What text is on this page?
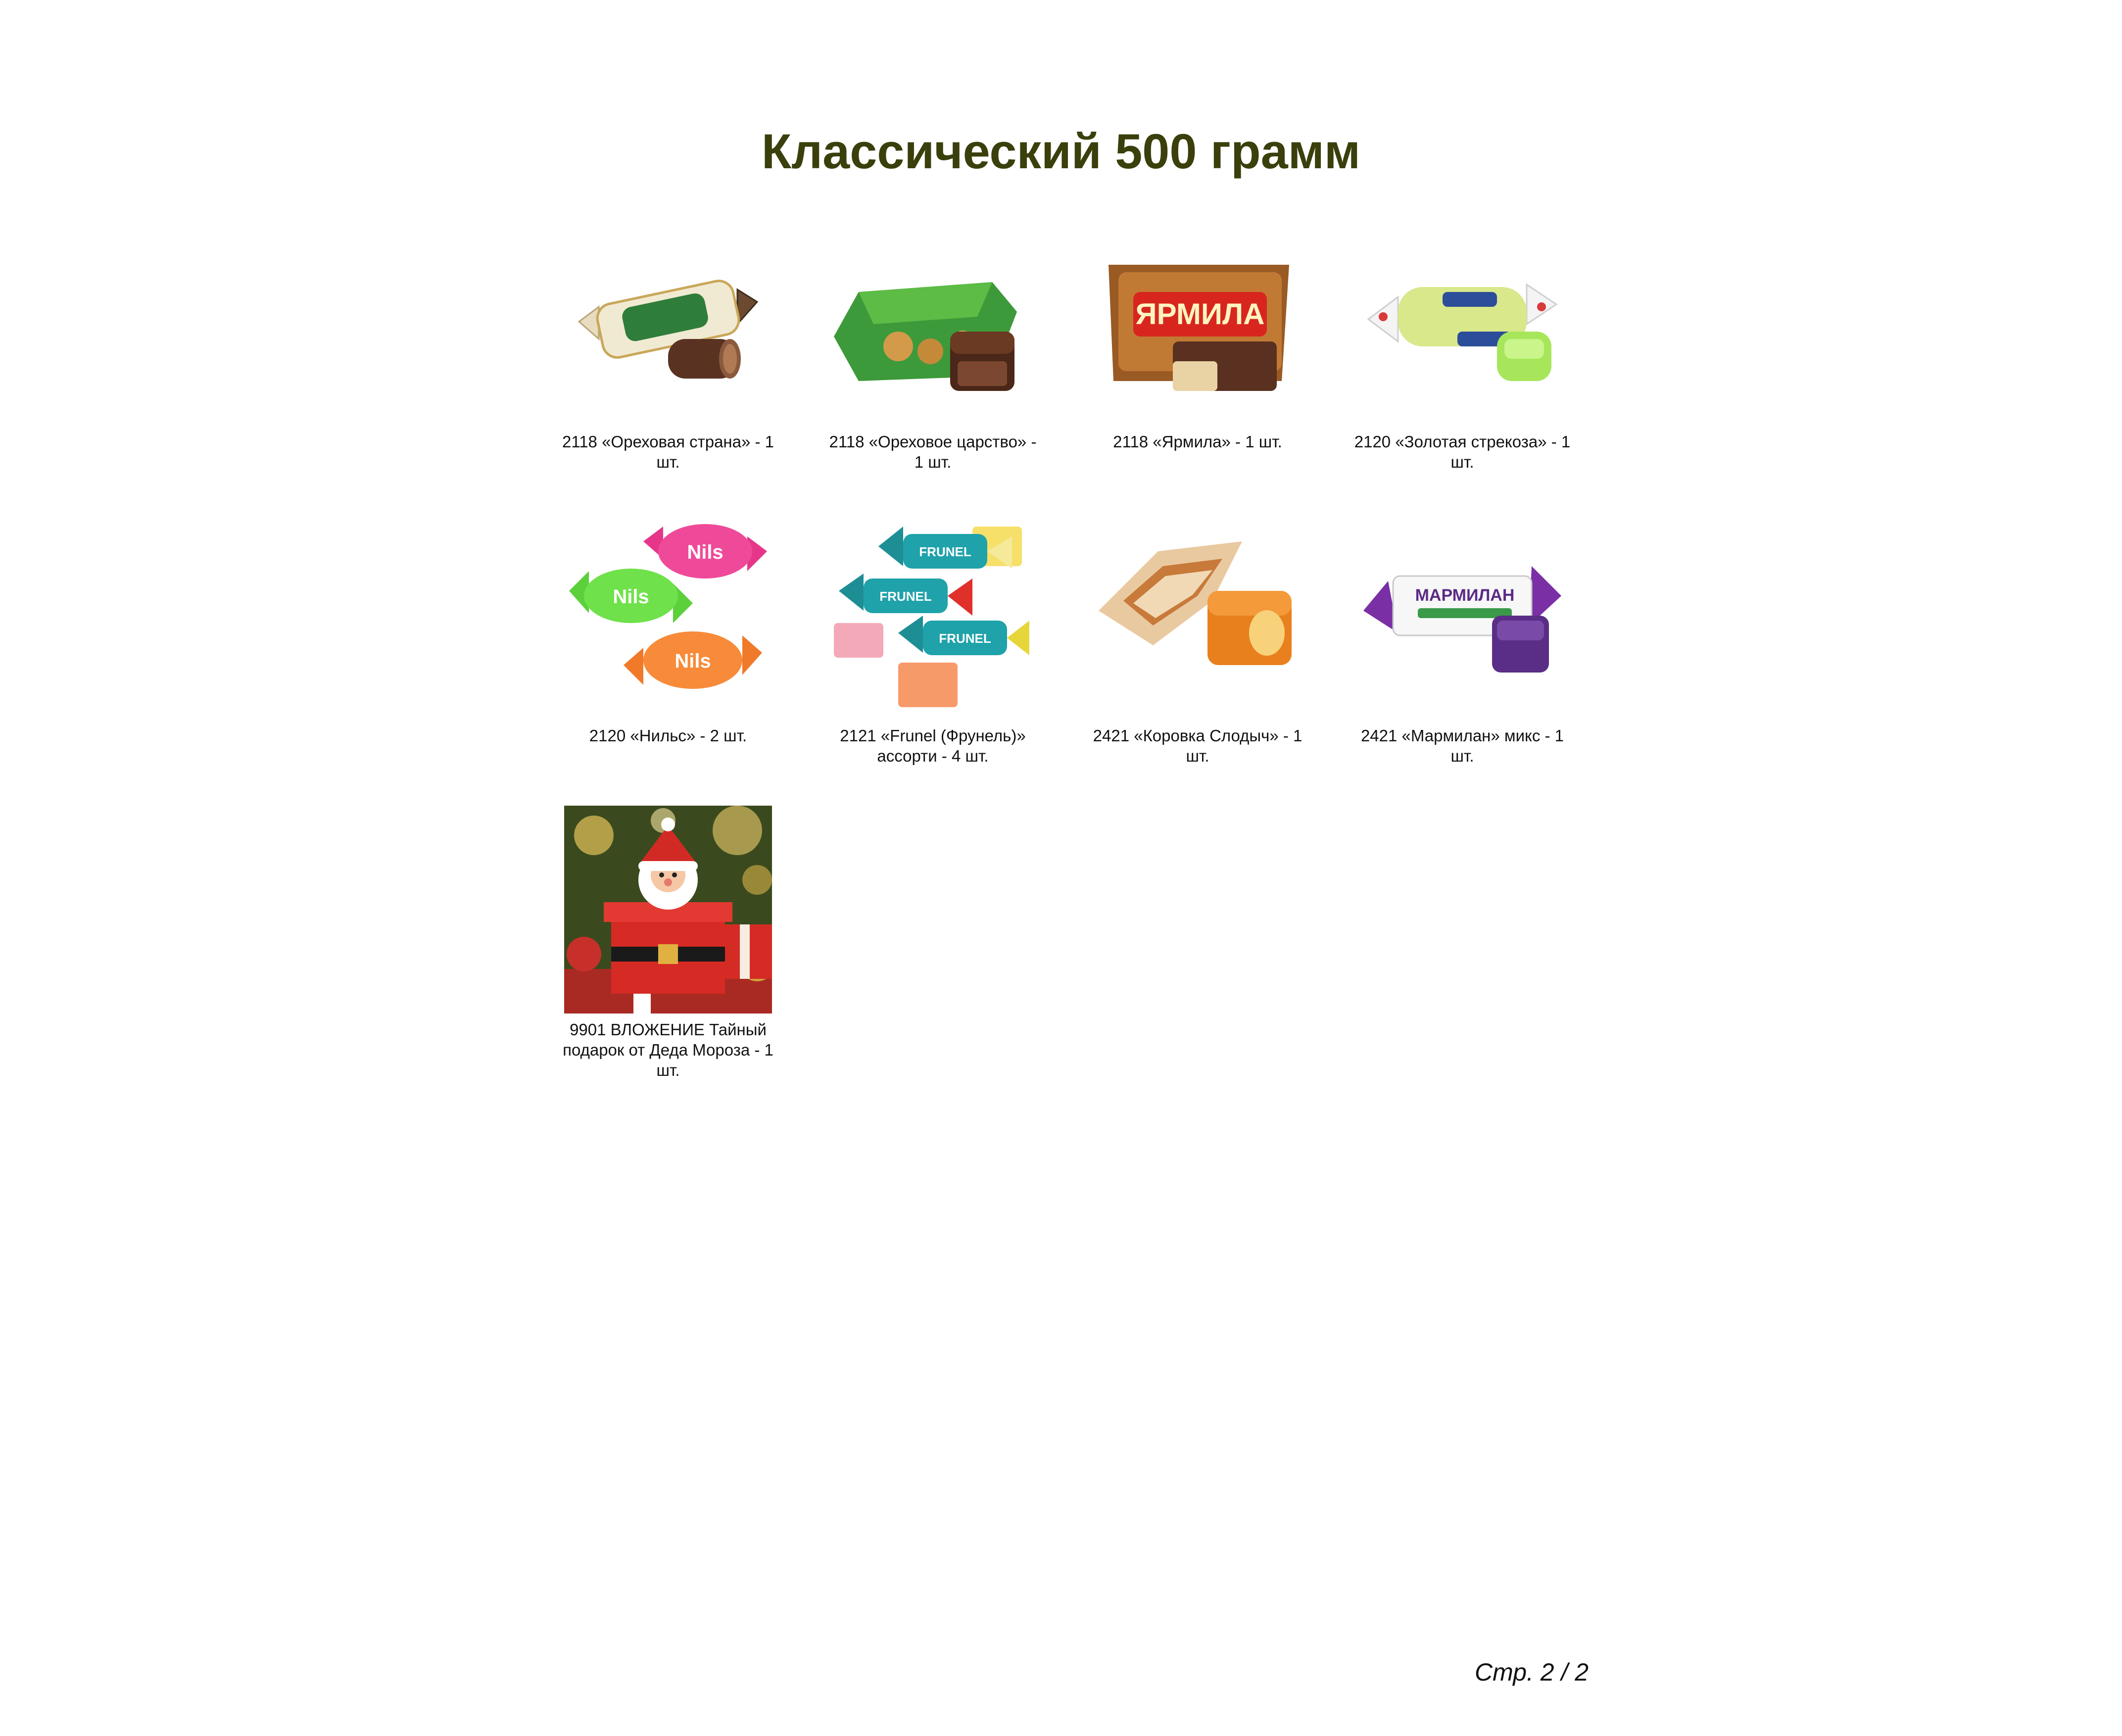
Классический 500 грамм
2118 «Ореховая страна» - 1 шт.
2118 «Ореховое царство» - 1 шт.
ЯРМИЛА
2118 «Ярмила» - 1 шт.	2120 «Золотая стрекоза» - 1 шт.
Nils
Nils
Nils
2120 «Нильс» - 2 шт.
FRUNEL
FRUNEL
FRUNEL
2121 «Frunel (Фрунель)» ассорти - 4 шт.
2421 «Коровка Слодыч» - 1 шт.
МАРМИЛАН
2421 «Мармилан» микс - 1 шт.
9901 ВЛОЖЕНИЕ Тайный подарок от Деда Мороза - 1 шт.
Стр. 2 / 2
